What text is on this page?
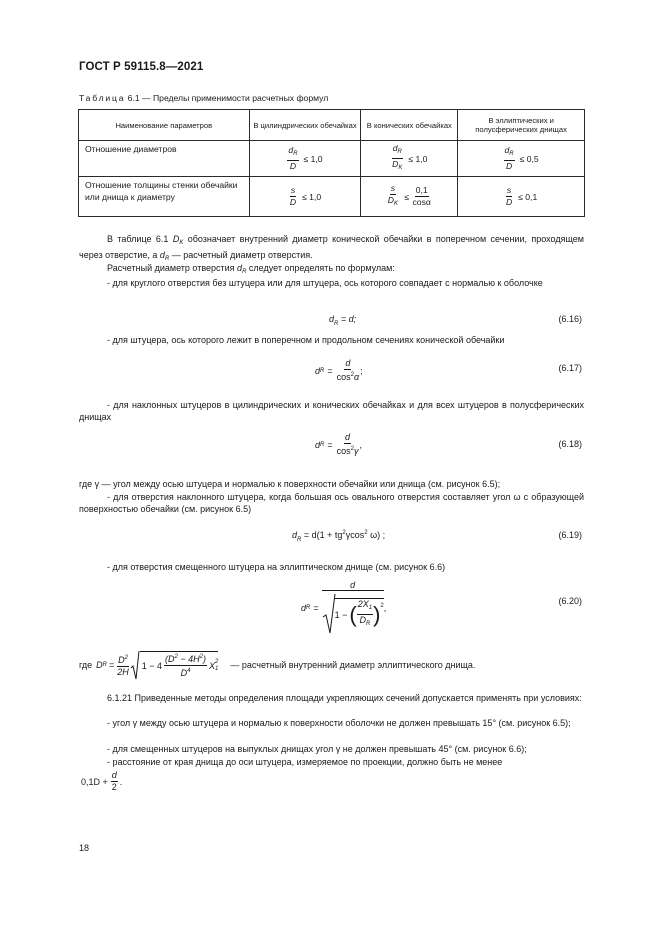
ГОСТ Р 59115.8—2021
Таблица 6.1 — Пределы применимости расчетных формул
Наименование параметров	В цилиндрических обечайках	В конических обечайках	В эллиптических и полусферических днищах
Отношение диаметров	$\frac{d_R}{D} \le 1,0$	$\frac{d_R}{D_K} \le 1,0$	$\frac{d_R}{D} \le 0,5$
Отношение толщины стенки обечайки или днища к диаметру	$\frac{s}{D} \le 1,0$	$\frac{s}{D_K} \le \frac{0,1}{\cos\alpha}$	$\frac{s}{D} \le 0,1$
В таблице 6.1 $D_K$ обозначает внутренний диаметр конической обечайки в поперечном сечении, проходящем через отверстие, а $d_R$ — расчетный диаметр отверстия.
Расчетный диаметр отверстия $d_R$ следует определять по формулам:
- для круглого отверстия без штуцера или для штуцера, ось которого совпадает с нормалью к оболочке
$d_R = d$;	(6.16)
- для штуцера, ось которого лежит в поперечном и продольном сечениях конической обечайки
d $R = \frac{d}{\cos^2\alpha}$ ;	(6.17)
- для наклонных штуцеров в цилиндрических и конических обечайках и для всех штуцеров в полусферических днищах
d $R = \frac{d}{\cos^2\gamma}$ ,	(6.18)
где γ — угол между осью штуцера и нормалью к поверхности обечайки или днища (см. рисунок 6.5);
- для отверстия наклонного штуцера, когда большая ось овального отверстия составляет угол ω с образующей поверхностью обечайки (см. рисунок 6.5)
$d_R = d(1 + tg^2\gamma\cos^2$ ω) ;	(6.19)
- для отверстия смещенного штуцера на эллиптическом днище (см. рисунок 6.6)
d $R = \frac{d}{1 - ( \frac{2X_1}{D_R} ) 2}$ ,
(6.20)
где D $R = \frac{D^2}{2H} 1 - 4 \frac{(D^2 - 4H^2)}{D^4}$ X 2
1 — расчетный внутренний диаметр эллиптического днища.
6.1.21 Приведенные методы определения площади укрепляющих сечений допускается применять при условиях:
- угол γ между осью штуцера и нормалью к поверхности оболочки не должен превышать 15° (см. рисунок 6.5);
- для смещенных штуцеров на выпуклых днищах угол γ не должен превышать 45° (см. рисунок 6.6);
- расстояние от края днища до оси штуцера, измеряемое по проекции, должно быть не менее
$0,1D + \frac{d}{2}$ .
18
